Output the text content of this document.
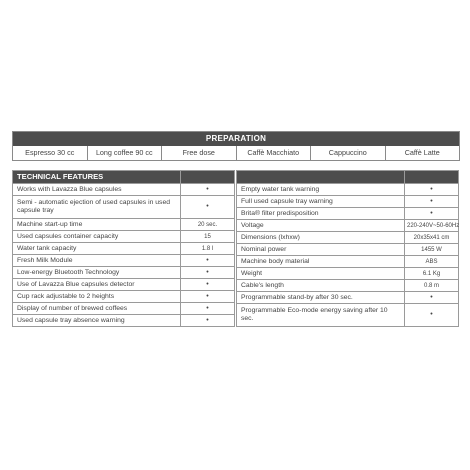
PREPARATION
Espresso 30 cc	Long coffee 90 cc	Free dose	Caffè Macchiato	Cappuccino	Caffè Latte
TECHNICAL FEATURES	
Works with Lavazza Blue capsules	•
Semi - automatic ejection of used capsules in used capsule tray	•
Machine start-up time	20 sec.
Used capsules container capacity	15
Water tank capacity	1.8 l
Fresh Milk Module	•
Low-energy Bluetooth Technology	•
Use of Lavazza Blue capsules detector	•
Cup rack adjustable to 2 heights	•
Display of number of brewed coffees	•
Used capsule tray absence warning	•

Empty water tank warning	•
Full used capsule tray warning	•
Brita® filter predisposition	•
Voltage	220-240V~50-60Hz
Dimensions (lxhxw)	20x35x41 cm
Nominal power	1455 W
Machine body material	ABS
Weight	6.1 Kg
Cable's length	0.8 m
Programmable stand-by after 30 sec.	•
Programmable Eco-mode energy saving after 10 sec.	•
